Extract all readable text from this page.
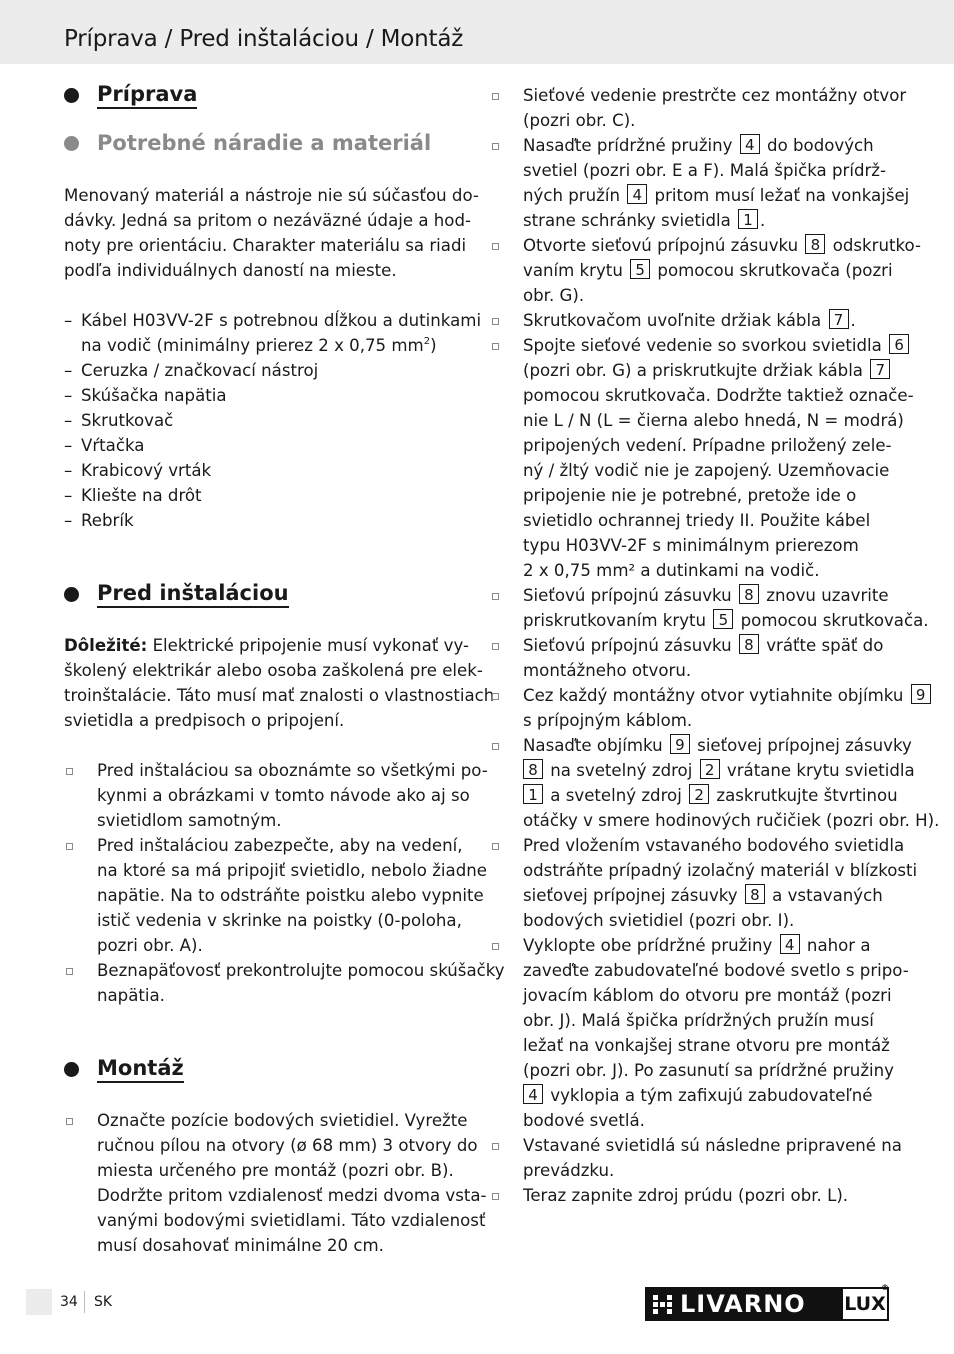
Príprava / Pred inštaláciou / Montáž
Príprava
Potrebné náradie a materiál
Menovaný materiál a nástroje nie sú súčasťou do-
dávky. Jedná sa pritom o nezáväzné údaje a hod-
noty pre orientáciu. Charakter materiálu sa riadi
podľa individuálnych daností na mieste.
– Kábel H03VV-2F s potrebnou dĺžkou a dutinkami
na vodič (minimálny prierez 2 x 0,75 $mm^2$)
– Ceruzka / značkovací nástroj
– Skúšačka napätia
– Skrutkovač
– Vŕtačka
– Krabicový vrták
– Kliešte na drôt
– Rebrík
Pred inštaláciou
Dôležité: Elektrické pripojenie musí vykonať vy-
školený elektrikár alebo osoba zaškolená pre elek-
troinštalácie. Táto musí mať znalosti o vlastnostiach
svietidla a predpisoch o pripojení.
Pred inštaláciou sa oboznámte so všetkými po-
kynmi a obrázkami v tomto návode ako aj so
svietidlom samotným.
Pred inštaláciou zabezpečte, aby na vedení,
na ktoré sa má pripojiť svietidlo, nebolo žiadne
napätie. Na to odstráňte poistku alebo vypnite
istič vedenia v skrinke na poistky (0-poloha,
pozri obr. A).
Beznapäťovosť prekontrolujte pomocou skúšačky
napätia.
Montáž
Označte pozície bodových svietidiel. Vyrežte
ručnou pílou na otvory (ø 68 mm) 3 otvory do
miesta určeného pre montáž (pozri obr. B).
Dodržte pritom vzdialenosť medzi dvoma vsta-
vanými bodovými svietidlami. Táto vzdialenosť
musí dosahovať minimálne 20 cm.
Sieťové vedenie prestrčte cez montážny otvor
(pozri obr. C).
Nasaďte prídržné pružiny 4 do bodových
svetiel (pozri obr. E a F). Malá špička prídrž-
ných pružín 4 pritom musí ležať na vonkajšej
strane schránky svietidla 1 .
Otvorte sieťovú prípojnú zásuvku 8 odskrutko-
vaním krytu 5 pomocou skrutkovača (pozri
obr. G).
Skrutkovačom uvoľnite držiak kábla 7 .
Spojte sieťové vedenie so svorkou svietidla 6
(pozri obr. G) a priskrutkujte držiak kábla 7
pomocou skrutkovača. Dodržte taktiež označe-
nie L / N (L = čierna alebo hnedá, N = modrá)
pripojených vedení. Prípadne priložený zele-
ný / žltý vodič nie je zapojený. Uzemňovacie
pripojenie nie je potrebné, pretože ide o
svietidlo ochrannej triedy II. Použite kábel
typu H03VV-2F s minimálnym prierezom
2 x 0,75 mm² a dutinkami na vodič.
Sieťovú prípojnú zásuvku 8 znovu uzavrite
priskrutkovaním krytu 5 pomocou skrutkovača.
Sieťovú prípojnú zásuvku 8 vráťte späť do
montážneho otvoru.
Cez každý montážny otvor vytiahnite objímku 9
s prípojným káblom.
Nasaďte objímku 9 sieťovej prípojnej zásuvky
8 na svetelný zdroj 2 vrátane krytu svietidla
1 a svetelný zdroj 2 zaskrutkujte štvrtinou
otáčky v smere hodinových ručičiek (pozri obr. H).
Pred vložením vstavaného bodového svietidla
odstráňte prípadný izolačný materiál v blízkosti
sieťovej prípojnej zásuvky 8 a vstavaných
bodových svietidiel (pozri obr. I).
Vyklopte obe prídržné pružiny 4 nahor a
zaveďte zabudovateľné bodové svetlo s pripo-
jovacím káblom do otvoru pre montáž (pozri
obr. J). Malá špička prídržných pružín musí
ležať na vonkajšej strane otvoru pre montáž
(pozri obr. J). Po zasunutí sa prídržné pružiny
4 vyklopia a tým zafixujú zabudovateľné
bodové svetlá.
Vstavané svietidlá sú následne pripravené na
prevádzku.
Teraz zapnite zdroj prúdu (pozri obr. L).
34 SK	LIVARNO LUX
®
